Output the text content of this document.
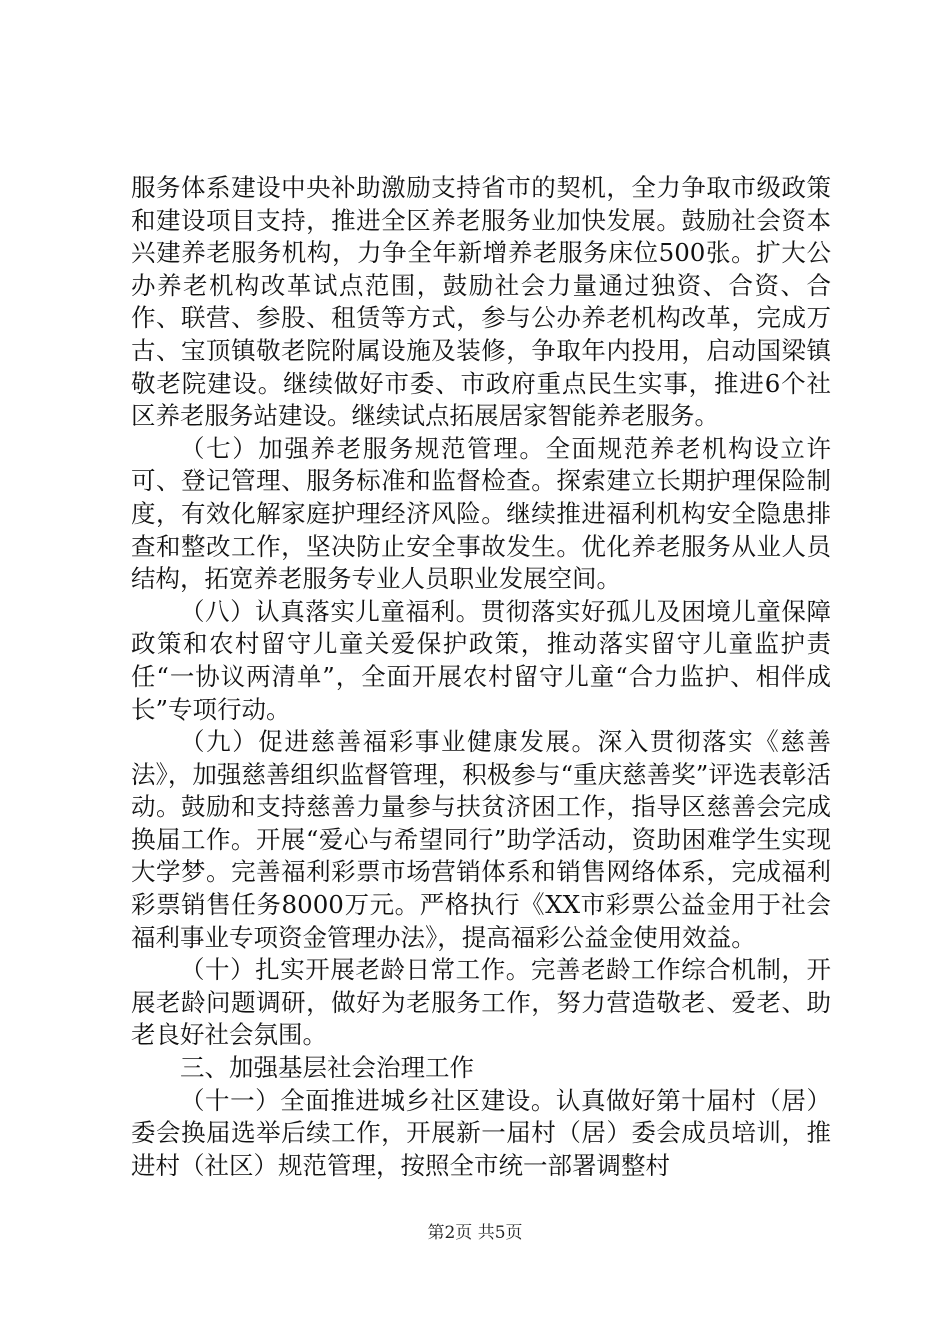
服务体系建设中央补助激励支持省市的契机，全力争取市级政策和建设项目支持，推进全区养老服务业加快发展。鼓励社会资本兴建养老服务机构，力争全年新增养老服务床位500张。扩大公办养老机构改革试点范围，鼓励社会力量通过独资、合资、合作、联营、参股、租赁等方式，参与公办养老机构改革，完成万古、宝顶镇敬老院附属设施及装修，争取年内投用，启动国梁镇敬老院建设。继续做好市委、市政府重点民生实事，推进6个社区养老服务站建设。继续试点拓展居家智能养老服务。

（七）加强养老服务规范管理。全面规范养老机构设立许可、登记管理、服务标准和监督检查。探索建立长期护理保险制度，有效化解家庭护理经济风险。继续推进福利机构安全隐患排查和整改工作，坚决防止安全事故发生。优化养老服务从业人员结构，拓宽养老服务专业人员职业发展空间。

（八）认真落实儿童福利。贯彻落实好孤儿及困境儿童保障政策和农村留守儿童关爱保护政策，推动落实留守儿童监护责任“一协议两清单”，全面开展农村留守儿童“合力监护、相伴成长”专项行动。

（九）促进慈善福彩事业健康发展。深入贯彻落实《慈善法》，加强慈善组织监督管理，积极参与“重庆慈善奖”评选表彰活动。鼓励和支持慈善力量参与扶贫济困工作，指导区慈善会完成换届工作。开展“爱心与希望同行”助学活动，资助困难学生实现大学梦。完善福利彩票市场营销体系和销售网络体系，完成福利彩票销售任务8000万元。严格执行《XX市彩票公益金用于社会福利事业专项资金管理办法》，提高福彩公益金使用效益。

（十）扎实开展老龄日常工作。完善老龄工作综合机制，开展老龄问题调研，做好为老服务工作，努力营造敬老、爱老、助老良好社会氛围。

三、加强基层社会治理工作

（十一）全面推进城乡社区建设。认真做好第十届村（居）委会换届选举后续工作，开展新一届村（居）委会成员培训，推进村（社区）规范管理，按照全市统一部署调整村

第2页 共5页
